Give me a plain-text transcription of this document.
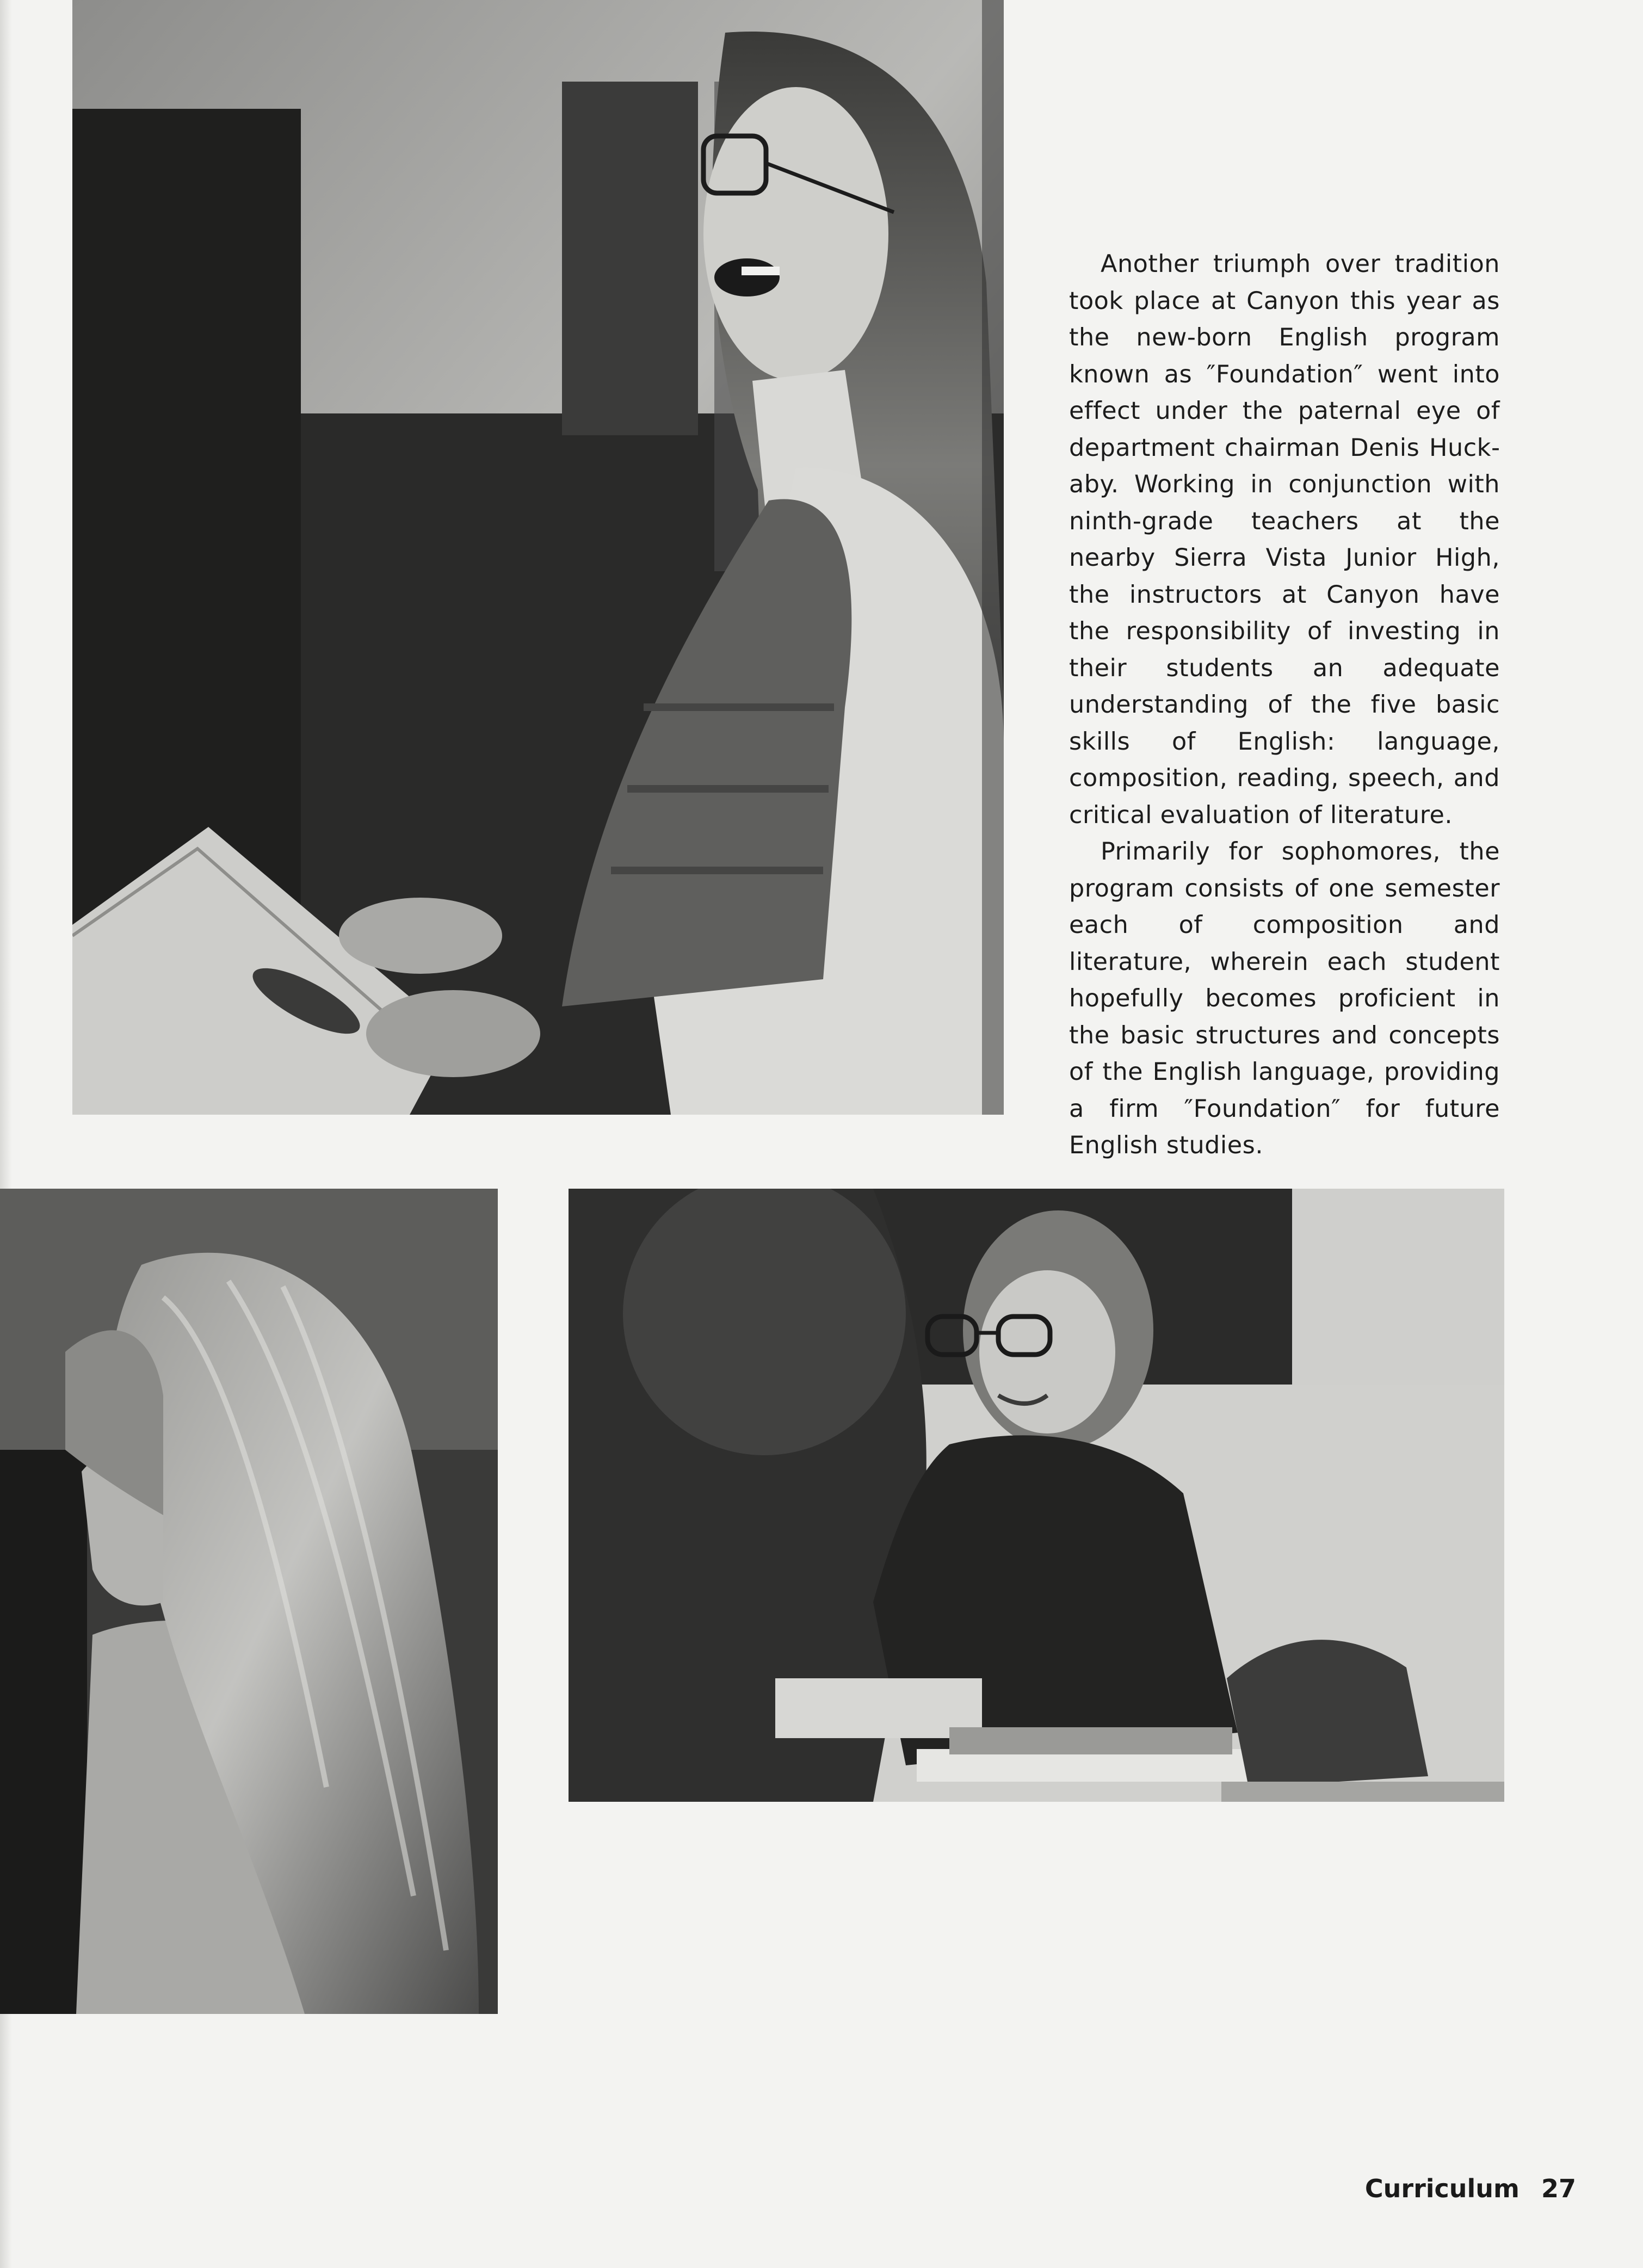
Another triumph over tradition took place at Canyon this year as the new-born English program known as ″Foundation″ went into effect under the paternal eye of department chairman Denis Huckaby. Working in conjunction with ninth-grade teachers at the nearby Sierra Vista Junior High, the instructors at Canyon have the responsibility of investing in their students an adequate understanding of the five basic skills of English: language, composition, reading, speech, and critical evaluation of literature.

Primarily for sophomores, the program consists of one semester each of composition and literature, wherein each student hopefully becomes proficient in the basic structures and concepts of the English language, providing a firm ″Foundation″ for future English studies.

Curriculum 27
